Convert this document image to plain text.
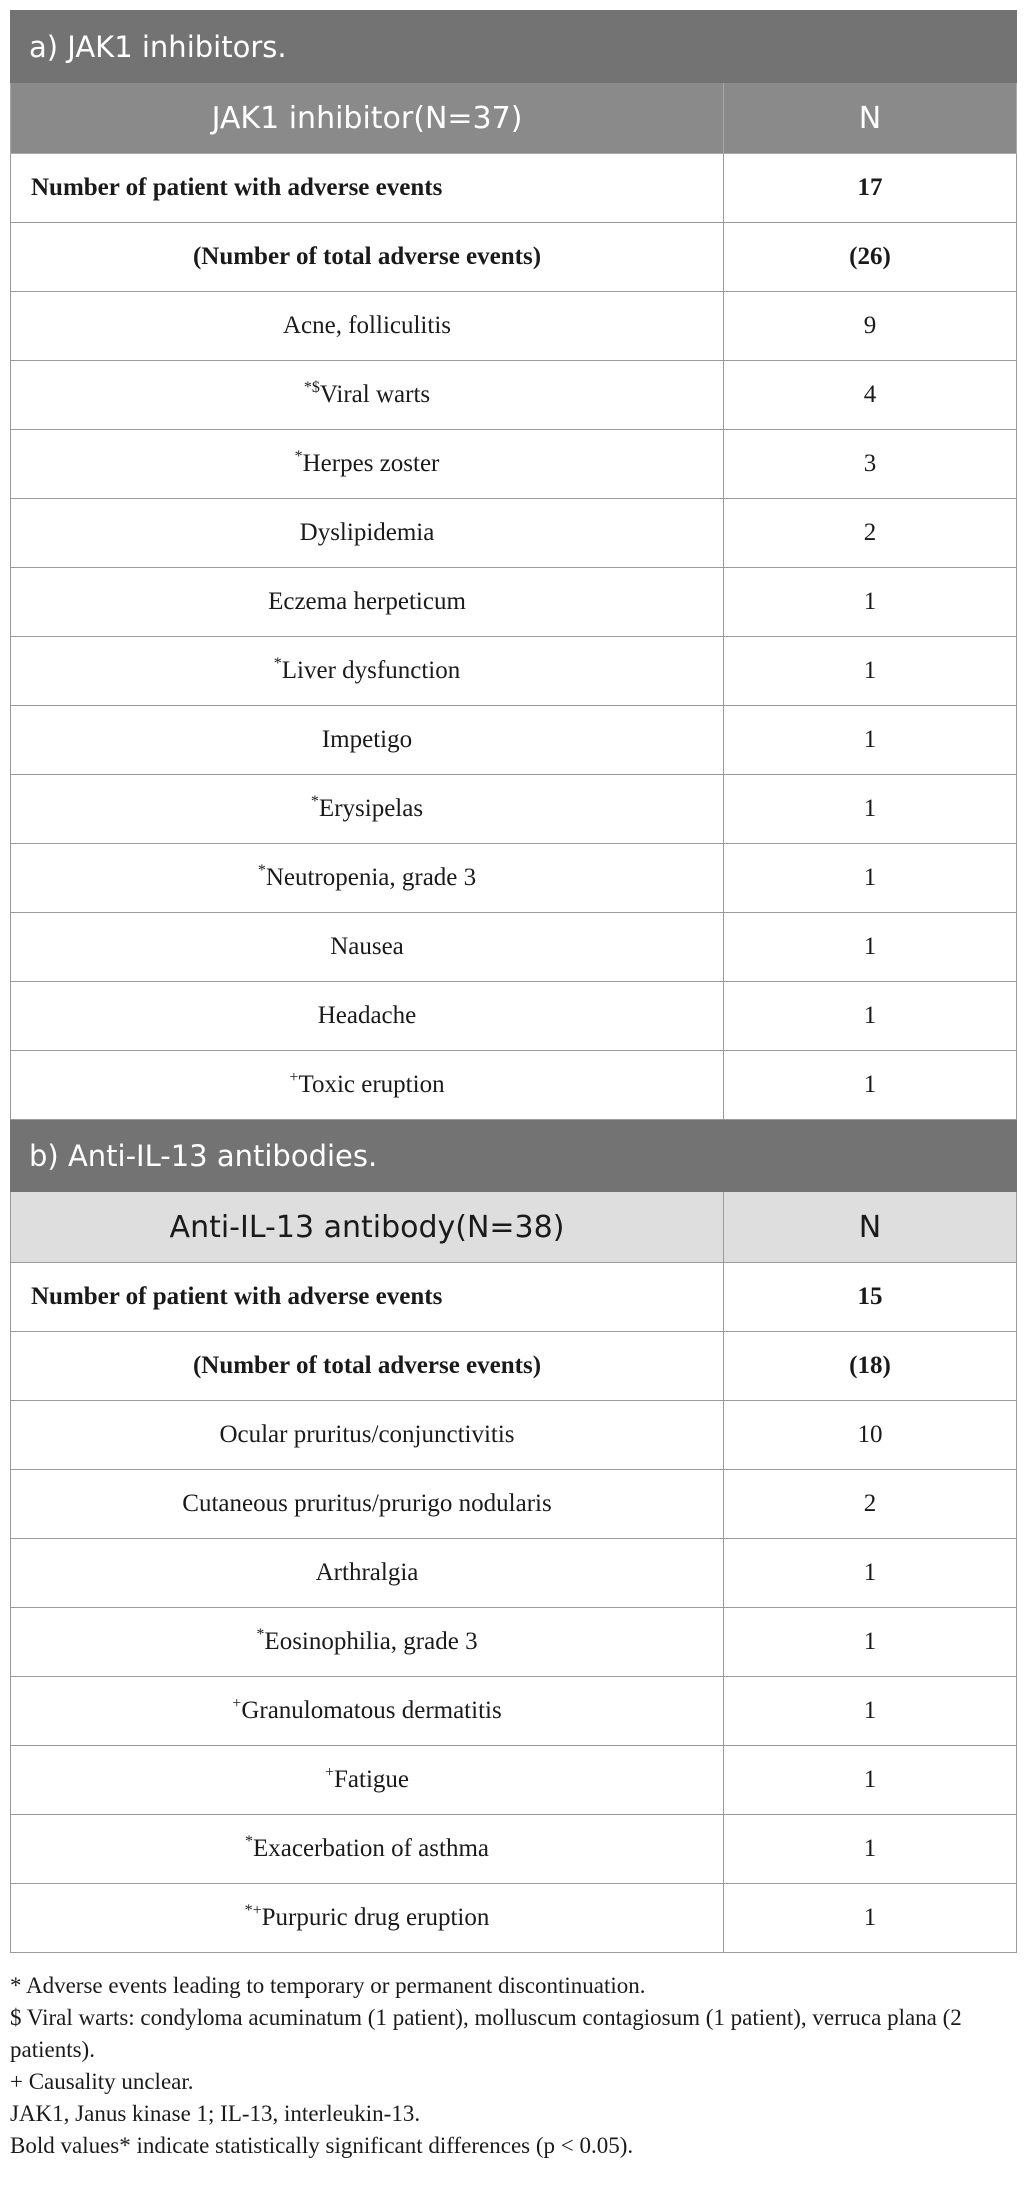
a) JAK1 inhibitors.	
JAK1 inhibitor(N=37)	N
Number of patient with adverse events	17
(Number of total adverse events)	(26)
Acne, folliculitis	9
*$Viral warts	4
*Herpes zoster	3
Dyslipidemia	2
Eczema herpeticum	1
*Liver dysfunction	1
Impetigo	1
*Erysipelas	1
*Neutropenia, grade 3	1
Nausea	1
Headache	1
+Toxic eruption	1
b) Anti-IL-13 antibodies.	
Anti-IL-13 antibody(N=38)	N
Number of patient with adverse events	15
(Number of total adverse events)	(18)
Ocular pruritus/conjunctivitis	10
Cutaneous pruritus/prurigo nodularis	2
Arthralgia	1
*Eosinophilia, grade 3	1
+Granulomatous dermatitis	1
+Fatigue	1
*Exacerbation of asthma	1
*+Purpuric drug eruption	1

* Adverse events leading to temporary or permanent discontinuation.

$ Viral warts: condyloma acuminatum (1 patient), molluscum contagiosum (1 patient), verruca plana (2 patients).

+ Causality unclear.

JAK1, Janus kinase 1; IL-13, interleukin-13.

Bold values* indicate statistically significant differences (p < 0.05).
